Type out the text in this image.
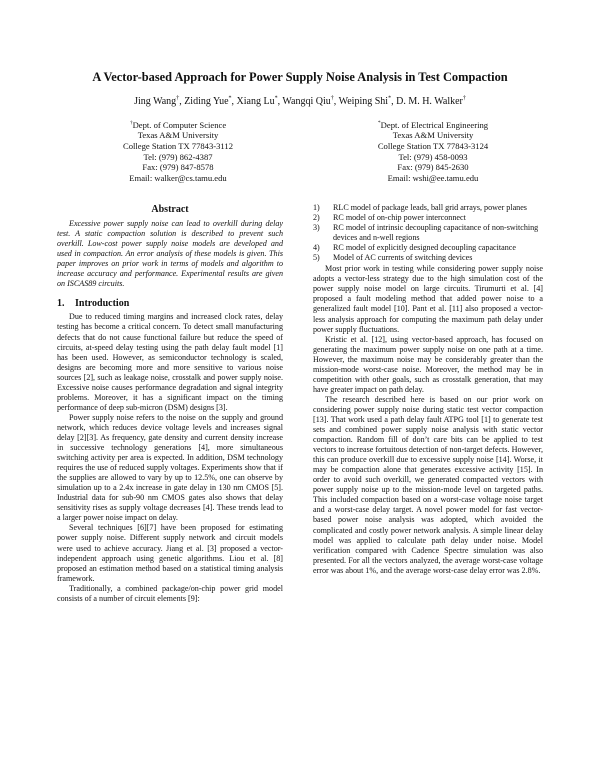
A Vector-based Approach for Power Supply Noise Analysis in Test Compaction
Jing Wang†, Ziding Yue*, Xiang Lu*, Wangqi Qiu†, Weiping Shi*, D. M. H. Walker†
†Dept. of Computer Science
Texas A&M University
College Station TX 77843-3112
Tel: (979) 862-4387
Fax: (979) 847-8578
Email: walker@cs.tamu.edu
*Dept. of Electrical Engineering
Texas A&M University
College Station TX 77843-3124
Tel: (979) 458-0093
Fax: (979) 845-2630
Email: wshi@ee.tamu.edu
Abstract

Excessive power supply noise can lead to overkill during delay test. A static compaction solution is described to prevent such overkill. Low-cost power supply noise models are developed and used in compaction. An error analysis of these models is given. This paper improves on prior work in terms of models and algorithm to increase accuracy and performance. Experimental results are given on ISCAS89 circuits.

1. Introduction

Due to reduced timing margins and increased clock rates, delay testing has become a critical concern. To detect small manufacturing defects that do not cause functional failure but reduce the speed of circuits, at-speed delay testing using the path delay fault model [1] has been used. However, as semiconductor technology is scaled, designs are becoming more and more sensitive to various noise sources [2], such as leakage noise, crosstalk and power supply noise. Excessive noise causes performance degradation and signal integrity problems. Moreover, it has a significant impact on the timing performance of deep sub-micron (DSM) designs [3].

Power supply noise refers to the noise on the supply and ground network, which reduces device voltage levels and increases signal delay [2][3]. As frequency, gate density and current density increase in successive technology generations [4], more simultaneous switching activity per area is expected. In addition, DSM technology requires the use of reduced supply voltages. Experiments show that if the supplies are allowed to vary by up to 12.5%, one can observe by simulation up to a 2.4x increase in gate delay in 130 nm CMOS [5]. Industrial data for sub-90 nm CMOS gates also shows that delay sensitivity rises as supply voltage decreases [4]. These trends lead to a larger power noise impact on delay.

Several techniques [6][7] have been proposed for estimating power supply noise. Different supply network and circuit models were used to achieve accuracy. Jiang et al. [3] proposed a vector-independent approach using genetic algorithms. Liou et al. [8] proposed an estimation method based on a statistical timing analysis framework.

Traditionally, a combined package/on-chip power grid model consists of a number of circuit elements [9]:

1) RLC model of package leads, ball grid arrays, power planes
2) RC model of on-chip power interconnect
3) RC model of intrinsic decoupling capacitance of non-switching devices and n-well regions
4) RC model of explicitly designed decoupling capacitance
5) Model of AC currents of switching devices

Most prior work in testing while considering power supply noise adopts a vector-less strategy due to the high simulation cost of the power supply noise model on large circuits. Tirumurti et al. [4] proposed a fault modeling method that added power noise to a generalized fault model [10]. Pant et al. [11] also proposed a vector-less analysis approach for computing the maximum path delay under power supply fluctuations.

Kristic et al. [12], using vector-based approach, has focused on generating the maximum power supply noise on one path at a time. However, the maximum noise may be considerably greater than the mission-mode worst-case noise. Moreover, the method may be in competition with other goals, such as crosstalk generation, that may have greater impact on path delay.

The research described here is based on our prior work on considering power supply noise during static test vector compaction [13]. That work used a path delay fault ATPG tool [1] to generate test sets and combined power supply noise analysis with static vector compaction. Random fill of don’t care bits can be applied to test vectors to increase fortuitous detection of non-target defects. However, this can produce overkill due to excessive supply noise [14]. Worse, it may be compaction alone that generates excessive activity [15]. In order to avoid such overkill, we generated compacted vectors with power supply noise up to the mission-mode level on targeted paths. This included compaction based on a worst-case voltage noise target and a worst-case delay target. A novel power model for fast vector-based power noise analysis was adopted, which avoided the complicated and costly power network analysis. A simple linear delay model was applied to calculate path delay under noise. Model verification compared with Cadence Spectre simulation was also presented. For all the vectors analyzed, the average worst-case voltage error was about 1%, and the average worst-case delay error was 2.8%.
